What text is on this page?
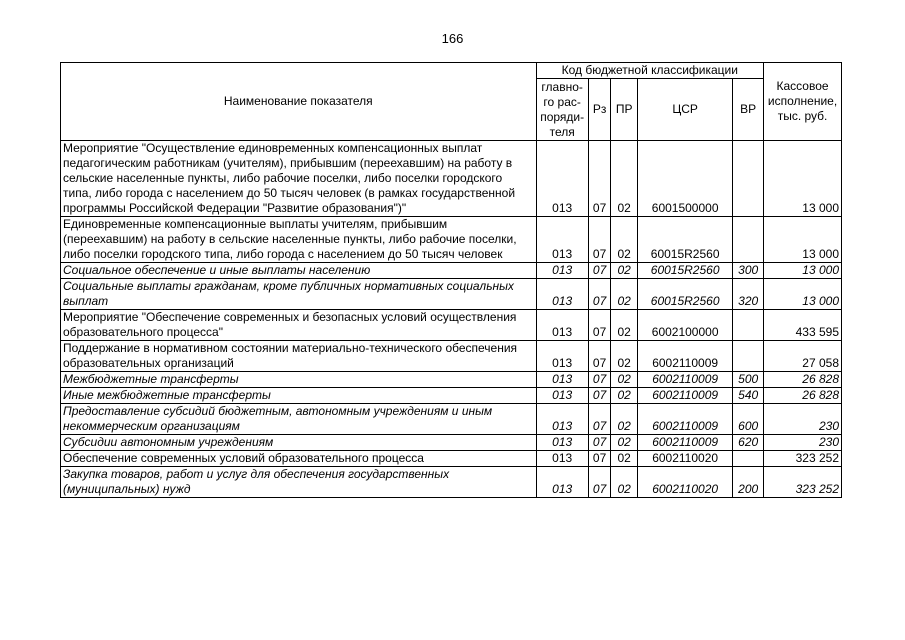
166
Наименование показателя	Код бюджетной классификации					Кассовое исполнение, тыс. руб.
	главно-го рас-поряди-теля	Рз	ПР	ЦСР	ВР	
Мероприятие "Осуществление единовременных компенсационных выплат педагогическим работникам (учителям), прибывшим (переехавшим) на работу в сельские населенные пункты, либо рабочие поселки, либо поселки городского типа, либо города с населением до 50 тысяч человек (в рамках государственной программы Российской Федерации "Развитие образования")"	013	07	02	6001500000		13 000
Единовременные компенсационные выплаты учителям, прибывшим (переехавшим) на работу в сельские населенные пункты, либо рабочие поселки, либо поселки городского типа, либо города с населением до 50 тысяч человек	013	07	02	60015R2560		13 000
Социальное обеспечение и иные выплаты населению	013	07	02	60015R2560	300	13 000
Социальные выплаты гражданам, кроме публичных нормативных социальных выплат	013	07	02	60015R2560	320	13 000
Мероприятие "Обеспечение современных и безопасных условий осуществления образовательного процесса"	013	07	02	6002100000		433 595
Поддержание в нормативном состоянии материально-технического обеспечения образовательных организаций	013	07	02	6002110009		27 058
Межбюджетные трансферты	013	07	02	6002110009	500	26 828
Иные межбюджетные трансферты	013	07	02	6002110009	540	26 828
Предоставление субсидий бюджетным, автономным учреждениям и иным некоммерческим организациям	013	07	02	6002110009	600	230
Субсидии автономным учреждениям	013	07	02	6002110009	620	230
Обеспечение современных условий образовательного процесса	013	07	02	6002110020		323 252
Закупка товаров, работ и услуг для обеспечения государственных (муниципальных) нужд	013	07	02	6002110020	200	323 252
